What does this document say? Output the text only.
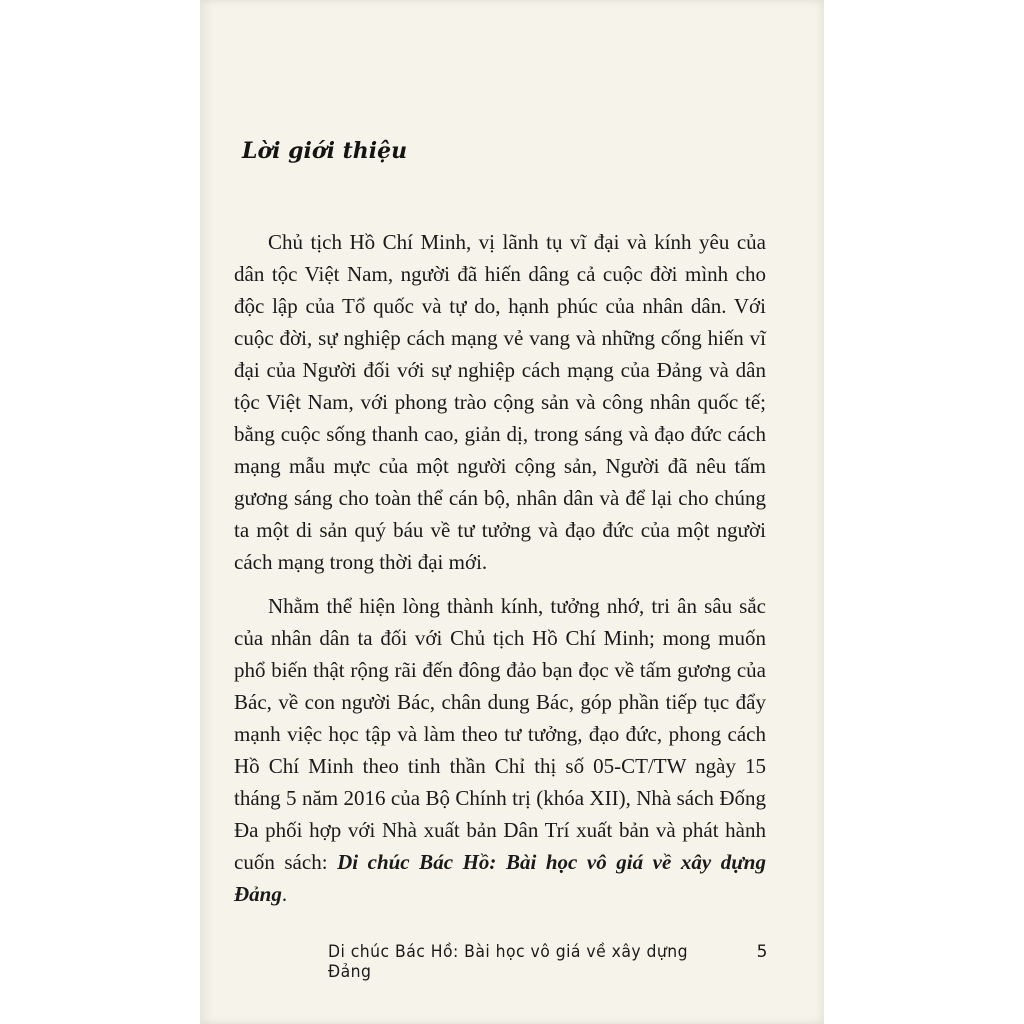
Lời giới thiệu

Chủ tịch Hồ Chí Minh, vị lãnh tụ vĩ đại và kính yêu của dân tộc Việt Nam, người đã hiến dâng cả cuộc đời mình cho độc lập của Tổ quốc và tự do, hạnh phúc của nhân dân. Với cuộc đời, sự nghiệp cách mạng vẻ vang và những cống hiến vĩ đại của Người đối với sự nghiệp cách mạng của Đảng và dân tộc Việt Nam, với phong trào cộng sản và công nhân quốc tế; bằng cuộc sống thanh cao, giản dị, trong sáng và đạo đức cách mạng mẫu mực của một người cộng sản, Người đã nêu tấm gương sáng cho toàn thể cán bộ, nhân dân và để lại cho chúng ta một di sản quý báu về tư tưởng và đạo đức của một người cách mạng trong thời đại mới.

Nhằm thể hiện lòng thành kính, tưởng nhớ, tri ân sâu sắc của nhân dân ta đối với Chủ tịch Hồ Chí Minh; mong muốn phổ biến thật rộng rãi đến đông đảo bạn đọc về tấm gương của Bác, về con người Bác, chân dung Bác, góp phần tiếp tục đẩy mạnh việc học tập và làm theo tư tưởng, đạo đức, phong cách Hồ Chí Minh theo tinh thần Chỉ thị số 05-CT/TW ngày 15 tháng 5 năm 2016 của Bộ Chính trị (khóa XII), Nhà sách Đống Đa phối hợp với Nhà xuất bản Dân Trí xuất bản và phát hành cuốn sách: Di chúc Bác Hồ: Bài học vô giá về xây dựng Đảng.

Di chúc Bác Hồ: Bài học vô giá về xây dựng Đảng
5
